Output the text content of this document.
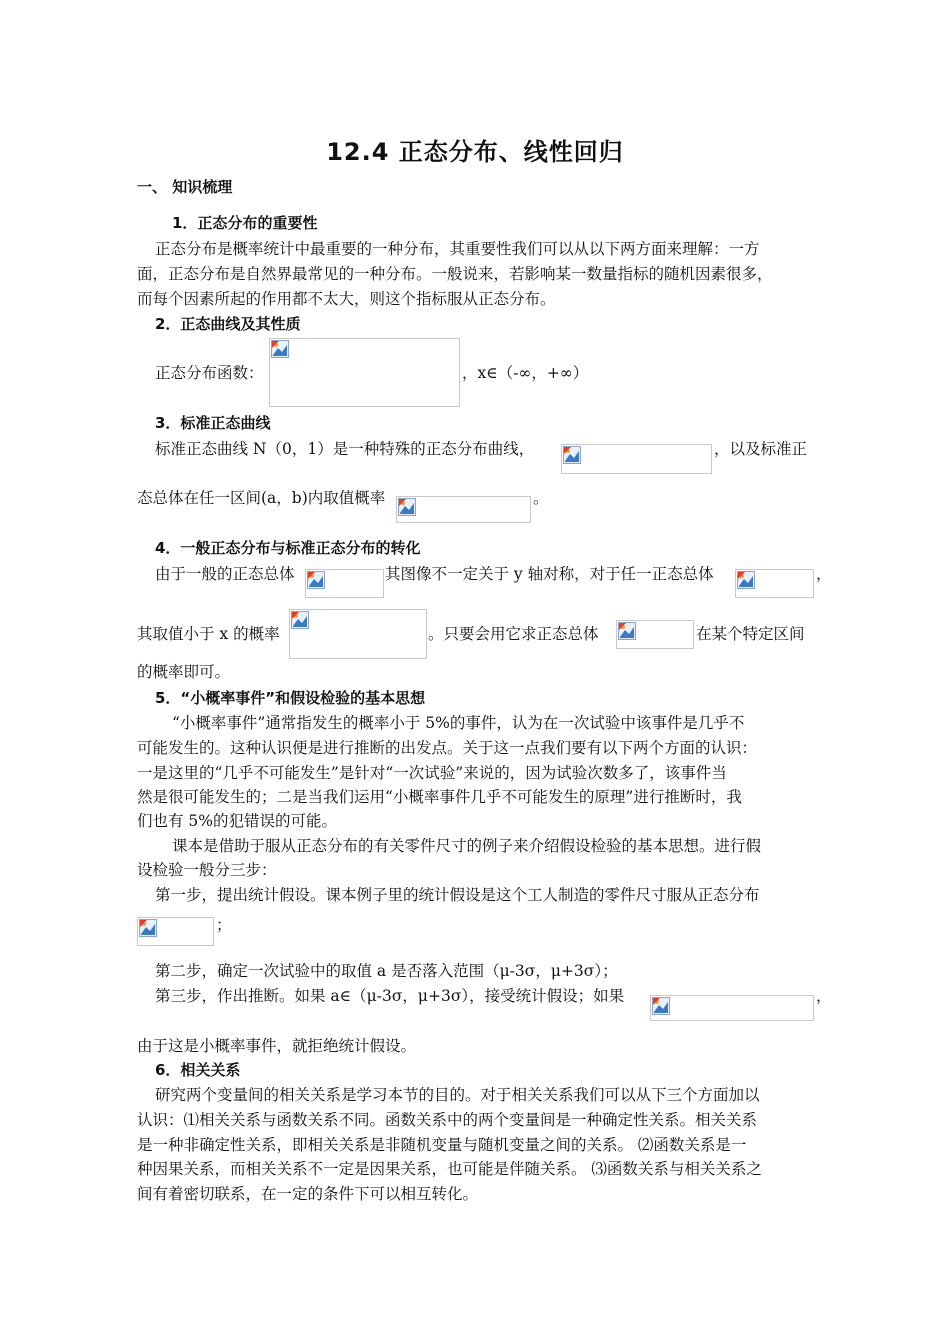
12.4 正态分布、线性回归
一、 知识梳理
1．正态分布的重要性
正态分布是概率统计中最重要的一种分布，其重要性我们可以从以下两方面来理解：一方
面，正态分布是自然界最常见的一种分布。一般说来，若影响某一数量指标的随机因素很多，
而每个因素所起的作用都不太大，则这个指标服从正态分布。
2．正态曲线及其性质
正态分布函数：	，x∈（-∞，+∞）
3．标准正态曲线
标准正态曲线 N（0，1）是一种特殊的正态分布曲线，	，以及标准正
态总体在任一区间(a，b)内取值概率	。
4．一般正态分布与标准正态分布的转化
由于一般的正态总体	其图像不一定关于 y 轴对称，对于任一正态总体	，
其取值小于 x 的概率	。只要会用它求正态总体	在某个特定区间
的概率即可。
5．“小概率事件”和假设检验的基本思想
“小概率事件”通常指发生的概率小于 5%的事件，认为在一次试验中该事件是几乎不
可能发生的。这种认识便是进行推断的出发点。关于这一点我们要有以下两个方面的认识：
一是这里的“几乎不可能发生”是针对“一次试验”来说的，因为试验次数多了，该事件当
然是很可能发生的；二是当我们运用“小概率事件几乎不可能发生的原理”进行推断时，我
们也有 5%的犯错误的可能。
课本是借助于服从正态分布的有关零件尺寸的例子来介绍假设检验的基本思想。进行假
设检验一般分三步：
第一步，提出统计假设。课本例子里的统计假设是这个工人制造的零件尺寸服从正态分布
；
第二步，确定一次试验中的取值 a 是否落入范围（μ-3σ，μ+3σ）；
第三步，作出推断。如果 a∈（μ-3σ，μ+3σ），接受统计假设；如果	，
由于这是小概率事件，就拒绝统计假设。
6．相关关系
研究两个变量间的相关关系是学习本节的目的。对于相关关系我们可以从下三个方面加以
认识：⑴相关关系与函数关系不同。函数关系中的两个变量间是一种确定性关系。相关关系
是一种非确定性关系，即相关关系是非随机变量与随机变量之间的关系。 ⑵函数关系是一
种因果关系，而相关关系不一定是因果关系，也可能是伴随关系。 ⑶函数关系与相关关系之
间有着密切联系，在一定的条件下可以相互转化。
